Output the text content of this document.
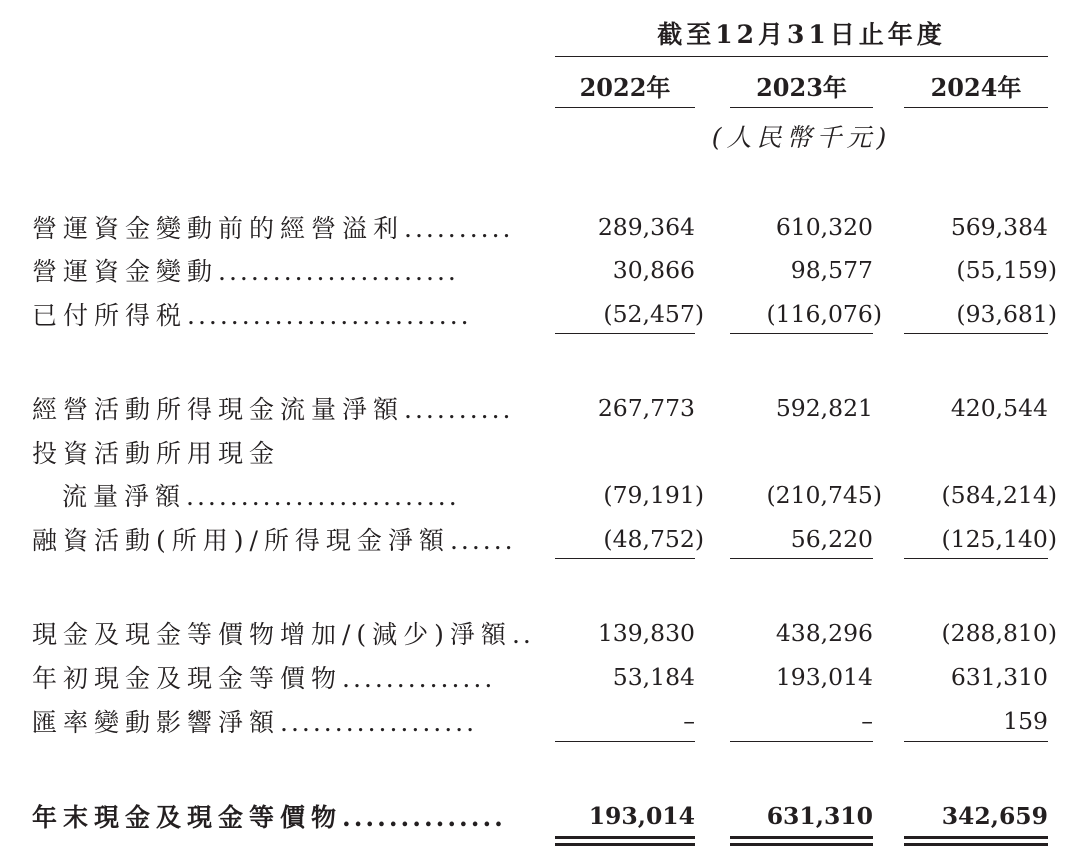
截至12月31日止年度
2022年	2023年	2024年
(人民幣千元)
營運資金變動前的經營溢利..........	289,364	610,320	569,384
營運資金變動......................	30,866	98,577	(55,159)
已付所得税..........................	(52,457)	(116,076)	(93,681)
經營活動所得現金流量淨額..........	267,773	592,821	420,544
投資活動所用現金
流量淨額.........................	(79,191)	(210,745)	(584,214)
融資活動(所用)/所得現金淨額......	(48,752)	56,220	(125,140)
現金及現金等價物增加/(減少)淨額..	139,830	438,296	(288,810)
年初現金及現金等價物..............	53,184	193,014	631,310
匯率變動影響淨額..................	–	–	159
年末現金及現金等價物..............	193,014	631,310	342,659
